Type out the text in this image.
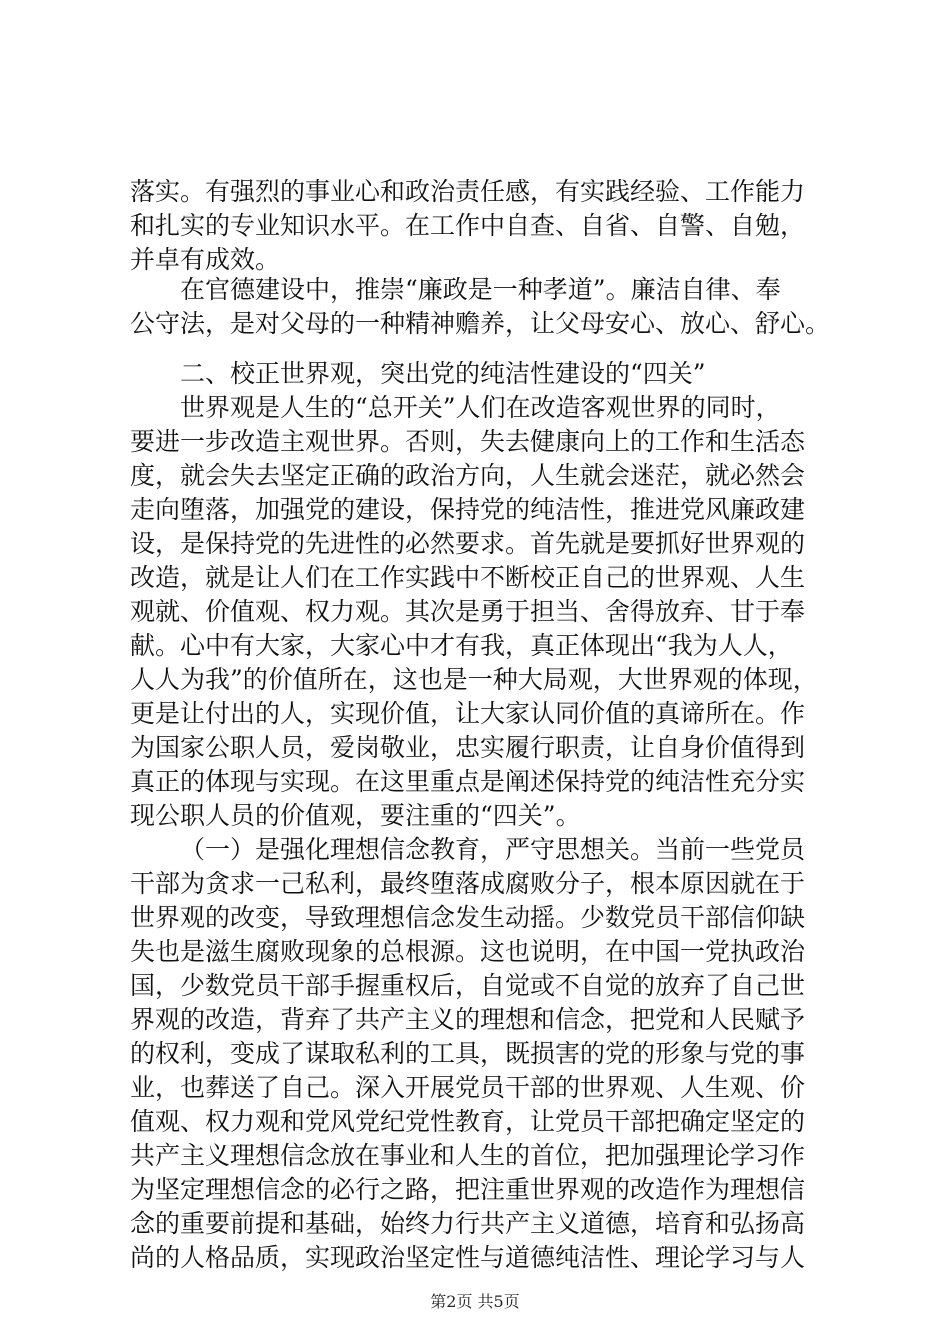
落实。有强烈的事业心和政治责任感，有实践经验、工作能力
和扎实的专业知识水平。在工作中自查、自省、自警、自勉，
并卓有成效。
在官德建设中，推崇“廉政是一种孝道”。廉洁自律、奉
公守法，是对父母的一种精神赡养，让父母安心、放心、舒心。
二、校正世界观，突出党的纯洁性建设的“四关”
世界观是人生的“总开关”人们在改造客观世界的同时，
要进一步改造主观世界。否则，失去健康向上的工作和生活态
度，就会失去坚定正确的政治方向，人生就会迷茫，就必然会
走向堕落，加强党的建设，保持党的纯洁性，推进党风廉政建
设，是保持党的先进性的必然要求。首先就是要抓好世界观的
改造，就是让人们在工作实践中不断校正自己的世界观、人生
观就、价值观、权力观。其次是勇于担当、舍得放弃、甘于奉
献。心中有大家，大家心中才有我，真正体现出“我为人人，
人人为我”的价值所在，这也是一种大局观，大世界观的体现，
更是让付出的人，实现价值，让大家认同价值的真谛所在。作
为国家公职人员，爱岗敬业，忠实履行职责，让自身价值得到
真正的体现与实现。在这里重点是阐述保持党的纯洁性充分实
现公职人员的价值观，要注重的“四关”。
（一）是强化理想信念教育，严守思想关。当前一些党员
干部为贪求一己私利，最终堕落成腐败分子，根本原因就在于
世界观的改变，导致理想信念发生动摇。少数党员干部信仰缺
失也是滋生腐败现象的总根源。这也说明，在中国一党执政治
国，少数党员干部手握重权后，自觉或不自觉的放弃了自己世
界观的改造，背弃了共产主义的理想和信念，把党和人民赋予
的权利，变成了谋取私利的工具，既损害的党的形象与党的事
业，也葬送了自己。深入开展党员干部的世界观、人生观、价
值观、权力观和党风党纪党性教育，让党员干部把确定坚定的
共产主义理想信念放在事业和人生的首位，把加强理论学习作
为坚定理想信念的必行之路，把注重世界观的改造作为理想信
念的重要前提和基础，始终力行共产主义道德，培育和弘扬高
尚的人格品质，实现政治坚定性与道德纯洁性、理论学习与人
第2页 共5页
